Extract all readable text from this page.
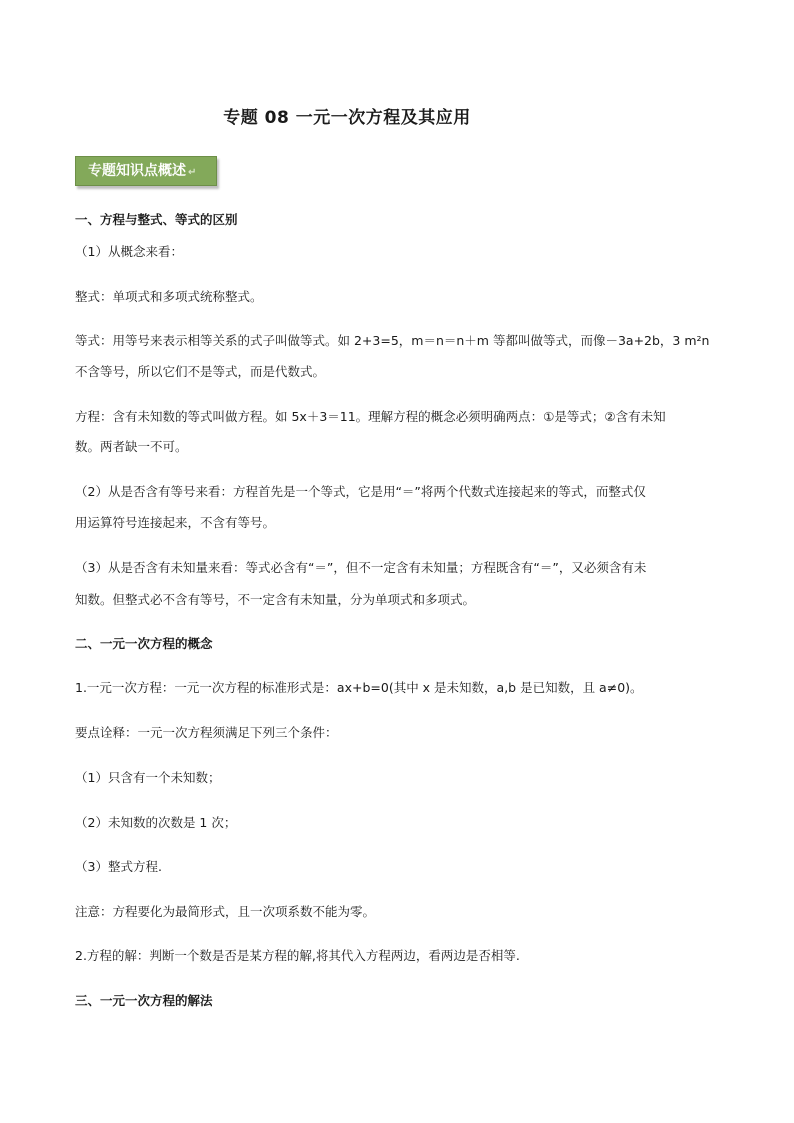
专题 08 一元一次方程及其应用
专题知识点概述 ↵
一、方程与整式、等式的区别
（1）从概念来看：
整式：单项式和多项式统称整式。
等式：用等号来表示相等关系的式子叫做等式。如 2+3=5，m＝n＝n＋m 等都叫做等式，而像－3a+2b，3 m²n
不含等号，所以它们不是等式，而是代数式。
方程：含有未知数的等式叫做方程。如 5x＋3＝11。理解方程的概念必须明确两点：①是等式；②含有未知
数。两者缺一不可。
（2）从是否含有等号来看：方程首先是一个等式，它是用“＝”将两个代数式连接起来的等式，而整式仅
用运算符号连接起来，不含有等号。
（3）从是否含有未知量来看：等式必含有“＝”，但不一定含有未知量；方程既含有“＝”，又必须含有未
知数。但整式必不含有等号，不一定含有未知量，分为单项式和多项式。
二、一元一次方程的概念
1.一元一次方程：一元一次方程的标准形式是：ax+b=0(其中 x 是未知数，a,b 是已知数，且 a≠0)。
要点诠释：一元一次方程须满足下列三个条件：
（1）只含有一个未知数；
（2）未知数的次数是 1 次；
（3）整式方程.
注意：方程要化为最简形式，且一次项系数不能为零。
2.方程的解：判断一个数是否是某方程的解,将其代入方程两边，看两边是否相等.
三、一元一次方程的解法
